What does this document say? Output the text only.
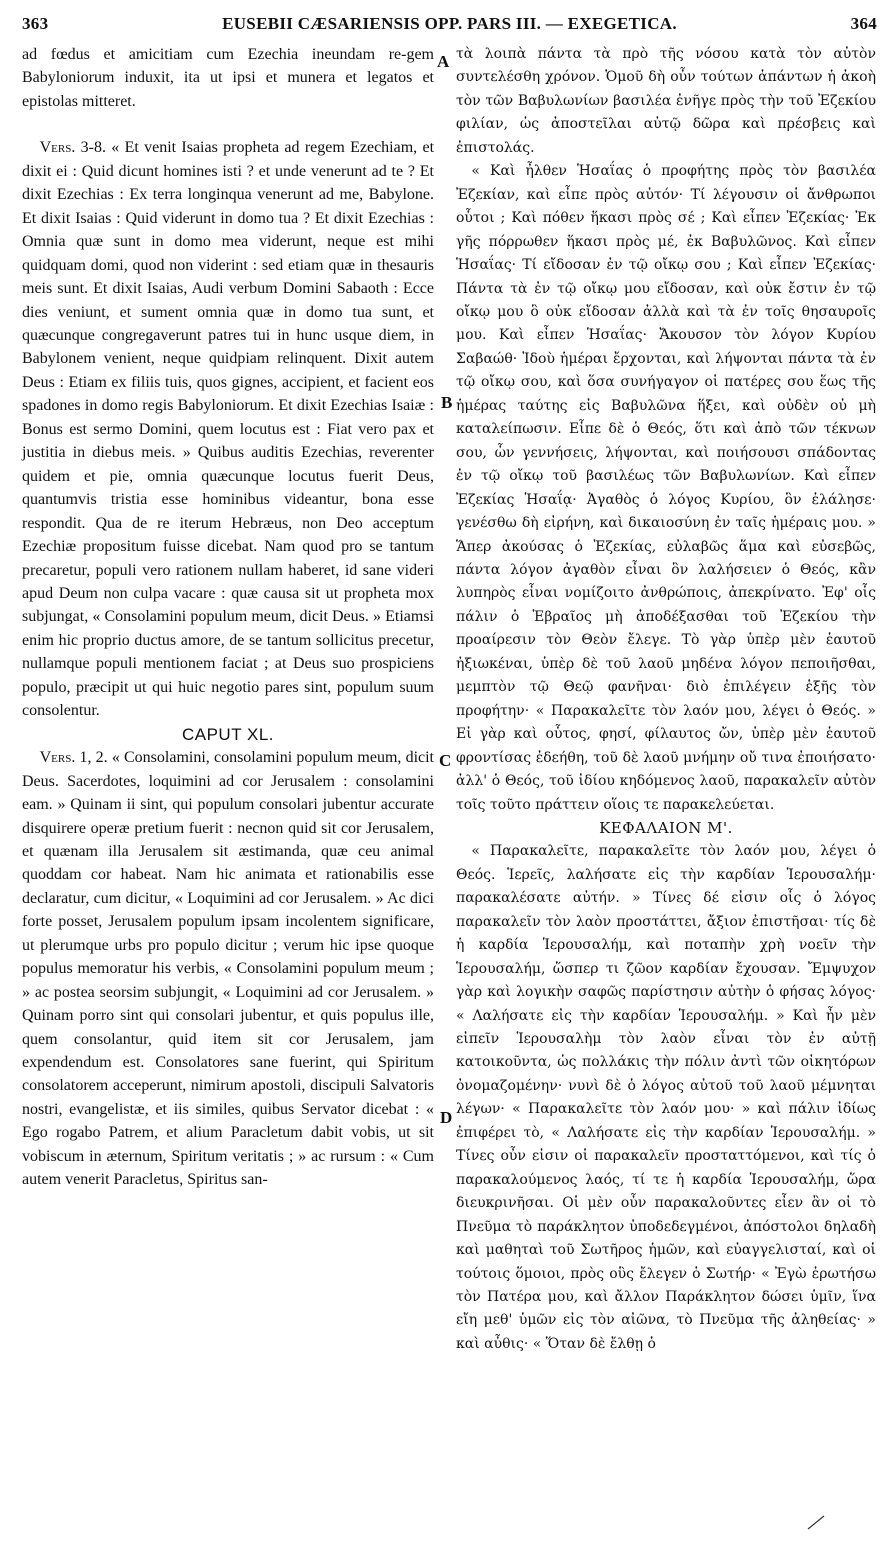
363	EUSEBII CÆSARIENSIS OPP. PARS III. — EXEGETICA.	364

ad fœdus et amicitiam cum Ezechia ineundam re-gem Babyloniorum induxit, ita ut ipsi et munera et legatos et epistolas mitteret.

Vers. 3-8. « Et venit Isaias propheta ad regem Ezechiam, et dixit ei : Quid dicunt homines isti ? et unde venerunt ad te ? Et dixit Ezechias : Ex terra longinqua venerunt ad me, Babylone. Et dixit Isaias : Quid viderunt in domo tua ? Et dixit Ezechias : Omnia quæ sunt in domo mea viderunt, neque est mihi quidquam domi, quod non viderint : sed etiam quæ in thesauris meis sunt. Et dixit Isaias, Audi verbum Domini Sabaoth : Ecce dies veniunt, et sument omnia quæ in domo tua sunt, et quæcunque congregaverunt patres tui in hunc usque diem, in Babylonem venient, neque quidpiam relinquent. Dixit autem Deus : Etiam ex filiis tuis, quos gignes, accipient, et facient eos spadones in domo regis Babyloniorum. Et dixit Ezechias Isaiæ : Bonus est sermo Domini, quem locutus est : Fiat vero pax et justitia in diebus meis. » Quibus auditis Ezechias, reverenter quidem et pie, omnia quæcunque locutus fuerit Deus, quantumvis tristia esse hominibus videantur, bona esse respondit. Qua de re iterum Hebræus, non Deo acceptum Ezechiæ propositum fuisse dicebat. Nam quod pro se tantum precaretur, populi vero rationem nullam haberet, id sane videri apud Deum non culpa vacare : quæ causa sit ut propheta mox subjungat, « Consolamini populum meum, dicit Deus. » Etiamsi enim hic proprio ductus amore, de se tantum sollicitus precetur, nullamque populi mentionem faciat ; at Deus suo prospiciens populo, præcipit ut qui huic negotio pares sint, populum suum consolentur.

CAPUT XL.

Vers. 1, 2. « Consolamini, consolamini populum meum, dicit Deus. Sacerdotes, loquimini ad cor Jerusalem : consolamini eam. » Quinam ii sint, qui populum consolari jubentur accurate disquirere operæ pretium fuerit : necnon quid sit cor Jerusalem, et quænam illa Jerusalem sit æstimanda, quæ ceu animal quoddam cor habeat. Nam hic animata et rationabilis esse declaratur, cum dicitur, « Loquimini ad cor Jerusalem. » Ac dici forte posset, Jerusalem populum ipsam incolentem significare, ut plerumque urbs pro populo dicitur ; verum hic ipse quoque populus memoratur his verbis, « Consolamini populum meum ; » ac postea seorsim subjungit, « Loquimini ad cor Jerusalem. » Quinam porro sint qui consolari jubentur, et quis populus ille, quem consolantur, quid item sit cor Jerusalem, jam expendendum est. Consolatores sane fuerint, qui Spiritum consolatorem acceperunt, nimirum apostoli, discipuli Salvatoris nostri, evangelistæ, et iis similes, quibus Servator dicebat : « Ego rogabo Patrem, et alium Paracletum dabit vobis, ut sit vobiscum in æternum, Spiritum veritatis ; » ac rursum : « Cum autem venerit Paracletus, Spiritus san-

τὰ λοιπὰ πάντα τὰ πρὸ τῆς νόσου κατὰ τὸν αὐτὸν συντελέσθη χρόνον. Ὁμοῦ δὴ οὖν τούτων ἁπάντων ἡ ἀκοὴ τὸν τῶν Βαβυλωνίων βασιλέα ἐνῆγε πρὸς τὴν τοῦ Ἐζεκίου φιλίαν, ὡς ἀποστεῖλαι αὐτῷ δῶρα καὶ πρέσβεις καὶ ἐπιστολάς.

« Καὶ ἦλθεν Ἡσαΐας ὁ προφήτης πρὸς τὸν βασιλέα Ἐζεκίαν, καὶ εἶπε πρὸς αὐτόν· Τί λέγουσιν οἱ ἄνθρωποι οὗτοι ; Καὶ πόθεν ἥκασι πρὸς σέ ; Καὶ εἶπεν Ἐζεκίας· Ἐκ γῆς πόρρωθεν ἥκασι πρὸς μέ, ἐκ Βαβυλῶνος. Καὶ εἶπεν Ἡσαΐας· Τί εἴδοσαν ἐν τῷ οἴκῳ σου ; Καὶ εἶπεν Ἐζεκίας· Πάντα τὰ ἐν τῷ οἴκῳ μου εἴδοσαν, καὶ οὐκ ἔστιν ἐν τῷ οἴκῳ μου ὃ οὐκ εἴδοσαν ἀλλὰ καὶ τὰ ἐν τοῖς θησαυροῖς μου. Καὶ εἶπεν Ἡσαΐας· Ἄκουσον τὸν λόγον Κυρίου Σαβαώθ· Ἰδοὺ ἡμέραι ἔρχονται, καὶ λήψονται πάντα τὰ ἐν τῷ οἴκῳ σου, καὶ ὅσα συνήγαγον οἱ πατέρες σου ἕως τῆς ἡμέρας ταύτης εἰς Βαβυλῶνα ἥξει, καὶ οὐδὲν οὐ μὴ καταλείπωσιν. Εἶπε δὲ ὁ Θεός, ὅτι καὶ ἀπὸ τῶν τέκνων σου, ὧν γεννήσεις, λήψονται, καὶ ποιήσουσι σπάδοντας ἐν τῷ οἴκῳ τοῦ βασιλέως τῶν Βαβυλωνίων. Καὶ εἶπεν Ἐζεκίας Ἡσαΐᾳ· Ἀγαθὸς ὁ λόγος Κυρίου, ὃν ἐλάλησε· γενέσθω δὴ εἰρήνη, καὶ δικαιοσύνη ἐν ταῖς ἡμέραις μου. » Ἅπερ ἀκούσας ὁ Ἐζεκίας, εὐλαβῶς ἅμα καὶ εὐσεβῶς, πάντα λόγον ἀγαθὸν εἶναι ὃν λαλήσειεν ὁ Θεός, κἂν λυπηρὸς εἶναι νομίζοιτο ἀνθρώποις, ἀπεκρίνατο. Ἐφ' οἷς πάλιν ὁ Ἑβραῖος μὴ ἀποδέξασθαι τοῦ Ἐζεκίου τὴν προαίρεσιν τὸν Θεὸν ἔλεγε. Τὸ γὰρ ὑπὲρ μὲν ἑαυτοῦ ἠξιωκέναι, ὑπὲρ δὲ τοῦ λαοῦ μηδένα λόγον πεποιῆσθαι, μεμπτὸν τῷ Θεῷ φανῆναι· διὸ ἐπιλέγειν ἑξῆς τὸν προφήτην· « Παρακαλεῖτε τὸν λαόν μου, λέγει ὁ Θεός. » Εἰ γὰρ καὶ οὗτος, φησί, φίλαυτος ὤν, ὑπὲρ μὲν ἑαυτοῦ φροντίσας ἐδεήθη, τοῦ δὲ λαοῦ μνήμην οὔ τινα ἐποιήσατο· ἀλλ' ὁ Θεός, τοῦ ἰδίου κηδόμενος λαοῦ, παρακαλεῖν αὐτὸν τοῖς τοῦτο πράττειν οἵοις τε παρακελεύεται.

ΚΕΦΑΛΑΙΟΝ Μ'.

« Παρακαλεῖτε, παρακαλεῖτε τὸν λαόν μου, λέγει ὁ Θεός. Ἱερεῖς, λαλήσατε εἰς τὴν καρδίαν Ἱερουσαλήμ· παρακαλέσατε αὐτήν. » Τίνες δέ εἰσιν οἷς ὁ λόγος παρακαλεῖν τὸν λαὸν προστάττει, ἄξιον ἐπιστῆσαι· τίς δὲ ἡ καρδία Ἱερουσαλήμ, καὶ ποταπὴν χρὴ νοεῖν τὴν Ἱερουσαλήμ, ὥσπερ τι ζῶον καρδίαν ἔχουσαν. Ἔμψυχον γὰρ καὶ λογικὴν σαφῶς παρίστησιν αὐτὴν ὁ φήσας λόγος· « Λαλήσατε εἰς τὴν καρδίαν Ἱερουσαλήμ. » Καὶ ἦν μὲν εἰπεῖν Ἱερουσαλὴμ τὸν λαὸν εἶναι τὸν ἐν αὐτῇ κατοικοῦντα, ὡς πολλάκις τὴν πόλιν ἀντὶ τῶν οἰκητόρων ὀνομαζομένην· νυνὶ δὲ ὁ λόγος αὐτοῦ τοῦ λαοῦ μέμνηται λέγων· « Παρακαλεῖτε τὸν λαόν μου· » καὶ πάλιν ἰδίως ἐπιφέρει τὸ, « Λαλήσατε εἰς τὴν καρδίαν Ἱερουσαλήμ. » Τίνες οὖν εἰσιν οἱ παρακαλεῖν προσταττόμενοι, καὶ τίς ὁ παρακαλούμενος λαός, τί τε ἡ καρδία Ἱερουσαλήμ, ὥρα διευκρινῆσαι. Οἱ μὲν οὖν παρακαλοῦντες εἶεν ἂν οἱ τὸ Πνεῦμα τὸ παράκλητον ὑποδεδεγμένοι, ἀπόστολοι δηλαδὴ καὶ μαθηταὶ τοῦ Σωτῆρος ἡμῶν, καὶ εὐαγγελισταί, καὶ οἱ τούτοις ὅμοιοι, πρὸς οὓς ἔλεγεν ὁ Σωτήρ· « Ἐγὼ ἐρωτήσω τὸν Πατέρα μου, καὶ ἄλλον Παράκλητον δώσει ὑμῖν, ἵνα εἴη μεθ' ὑμῶν εἰς τὸν αἰῶνα, τὸ Πνεῦμα τῆς ἀληθείας· » καὶ αὖθις· « Ὅταν δὲ ἔλθῃ ὁ

A
B
C
D
